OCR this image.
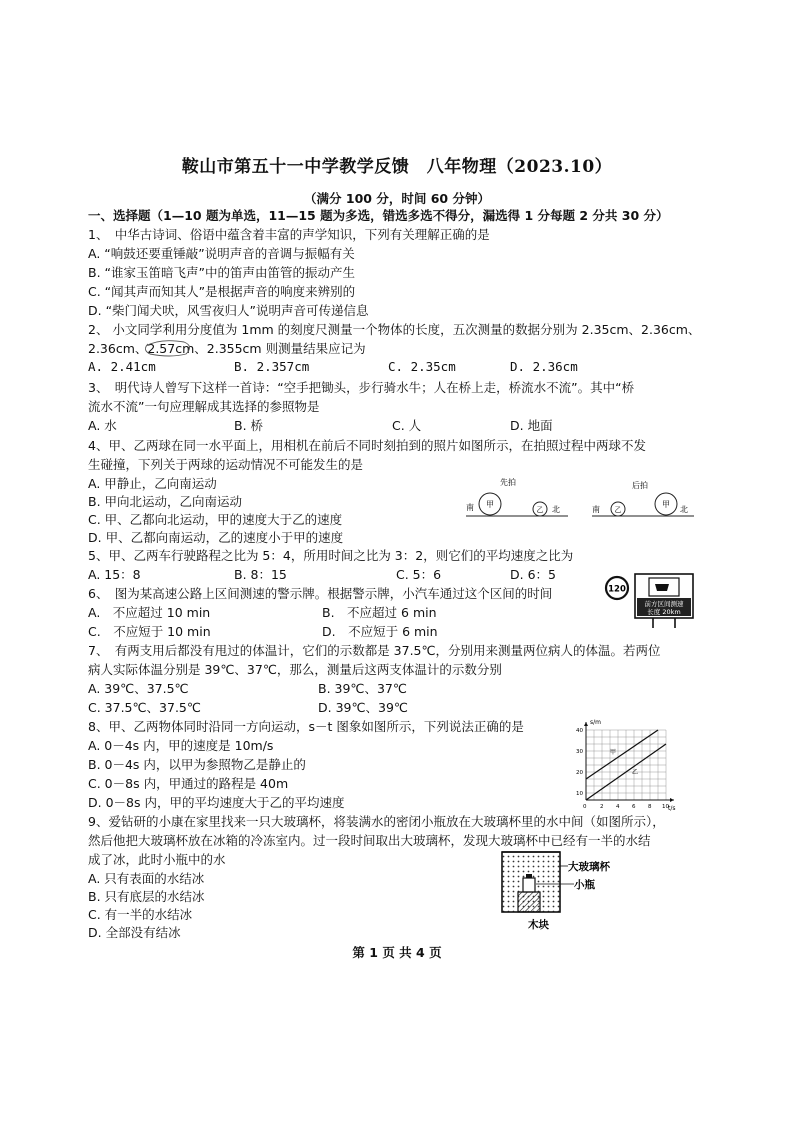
鞍山市第五十一中学教学反馈　八年物理（2023.10）
（满分 100 分，时间 60 分钟）
一、选择题（1—10 题为单选，11—15 题为多选，错选多选不得分，漏选得 1 分每题 2 分共 30 分）
1、　中华古诗词、俗语中蕴含着丰富的声学知识，下列有关理解正确的是
A. “响鼓还要重锤敲”说明声音的音调与振幅有关
B. “谁家玉笛暗飞声”中的笛声由笛管的振动产生
C. “闻其声而知其人”是根据声音的响度来辨别的
D. “柴门闻犬吠，风雪夜归人”说明声音可传递信息
2、 小文同学利用分度值为 1mm 的刻度尺测量一个物体的长度，五次测量的数据分别为 2.35cm、2.36cm、
2.36cm、2.57cm、2.355cm 则测量结果应记为
A. 2.41cm	B. 2.357cm	C. 2.35cm	D. 2.36cm
3、　明代诗人曾写下这样一首诗：“空手把锄头，步行骑水牛；人在桥上走，桥流水不流”。其中“桥
流水不流”一句应理解成其选择的参照物是
A. 水	B. 桥	C. 人	D. 地面
4、甲、乙两球在同一水平面上，用相机在前后不同时刻拍到的照片如图所示，在拍照过程中两球不发
生碰撞，下列关于两球的运动情况不可能发生的是
A. 甲静止，乙向南运动
B. 甲向北运动，乙向南运动
C. 甲、乙都向北运动，甲的速度大于乙的速度
D. 甲、乙都向南运动，乙的速度小于甲的速度
先拍
南 甲
乙 北
后拍
南 乙
甲
北
5、甲、乙两车行驶路程之比为 5：4，所用时间之比为 3：2，则它们的平均速度之比为
A. 15：8	B. 8：15	C. 5：6	D. 6：5
6、　图为某高速公路上区间测速的警示牌。根据警示牌，小汽车通过这个区间的时间
A.　不应超过 10 min	B.　不应超过 6 min
C.　不应短于 10 min	D.　不应短于 6 min
120
前方区间测速
长度 20km
7、　有两支用后都没有甩过的体温计，它们的示数都是 37.5℃，分别用来测量两位病人的体温。若两位
病人实际体温分别是 39℃、37℃，那么，测量后这两支体温计的示数分别
A. 39℃、37.5℃	B. 39℃、37℃
C. 37.5℃、37.5℃	D. 39℃、39℃
8、甲、乙两物体同时沿同一方向运动，s－t 图象如图所示，下列说法正确的是
A. 0－4s 内，甲的速度是 10m/s
B. 0－4s 内，以甲为参照物乙是静止的
C. 0－8s 内，甲通过的路程是 40m
D. 0－8s 内，甲的平均速度大于乙的平均速度
s/m
t/s
40
30
20
10
0 2 4 6 8 10
甲
乙
9、爱钻研的小康在家里找来一只大玻璃杯，将装满水的密闭小瓶放在大玻璃杯里的水中间（如图所示），
然后他把大玻璃杯放在冰箱的冷冻室内。过一段时间取出大玻璃杯，发现大玻璃杯中已经有一半的水结
成了冰，此时小瓶中的水
A. 只有表面的水结冰
B. 只有底层的水结冰
C. 有一半的水结冰
D. 全部没有结冰
大玻璃杯
小瓶
木块
第 1 页 共 4 页
